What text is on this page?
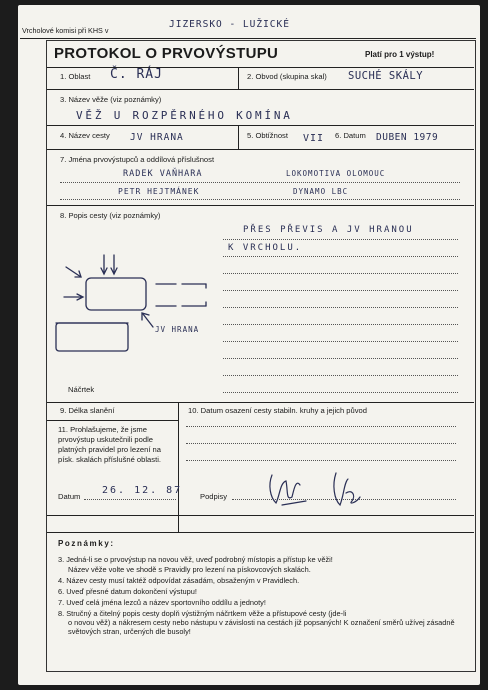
Vrcholové komisi při KHS v
JIZERSKO - LUŽICKÉ
PROTOKOL O PRVOVÝSTUPU	Platí pro 1 výstup!
1. Oblast Č. RÁJ	2. Obvod (skupina skal) SUCHÉ SKÁLY
3. Název věže (viz poznámky)
VĚŽ U ROZPĚRNÉHO KOMÍNA
4. Název cesty JV HRANA	5. Obtížnost VII 6. Datum DUBEN 1979
7. Jména prvovýstupců a oddílová příslušnost
RADEK VAŇHARA	LOKOMOTIVA OLOMOUC
PETR HEJTMÁNEK	DYNAMO LBC
8. Popis cesty (viz poznámky)
PŘES PŘEVIS A JV HRANOU
K VRCHOLU.
JV HRANA
Náčrtek
9. Délka slanění	10. Datum osazení cesty stabiln. kruhy a jejich původ
11. Prohlašujeme, že jsme prvovýstup uskutečnili podle platných pravidel pro lezení na písk. skalách příslušné oblasti.
Datum
26. 12. 87
Podpisy
Poznámky:
3. Jedná-li se o prvovýstup na novou věž, uveď podrobný místopis a přístup ke věži!
Název věže volte ve shodě s Pravidly pro lezení na pískovcových skalách.
4. Název cesty musí taktéž odpovídat zásadám, obsaženým v Pravidlech.
6. Uveď přesné datum dokončení výstupu!
7. Uveď celá jména lezců a název sportovního oddílu a jednoty!
8. Stručný a čitelný popis cesty doplň výstižným náčrtkem věže a přístupové cesty (jde-li
o novou věž) a nákresem cesty nebo nástupu v závislosti na cestách již popsaných! K označení směrů užívej zásadně světových stran, určených dle busoly!
